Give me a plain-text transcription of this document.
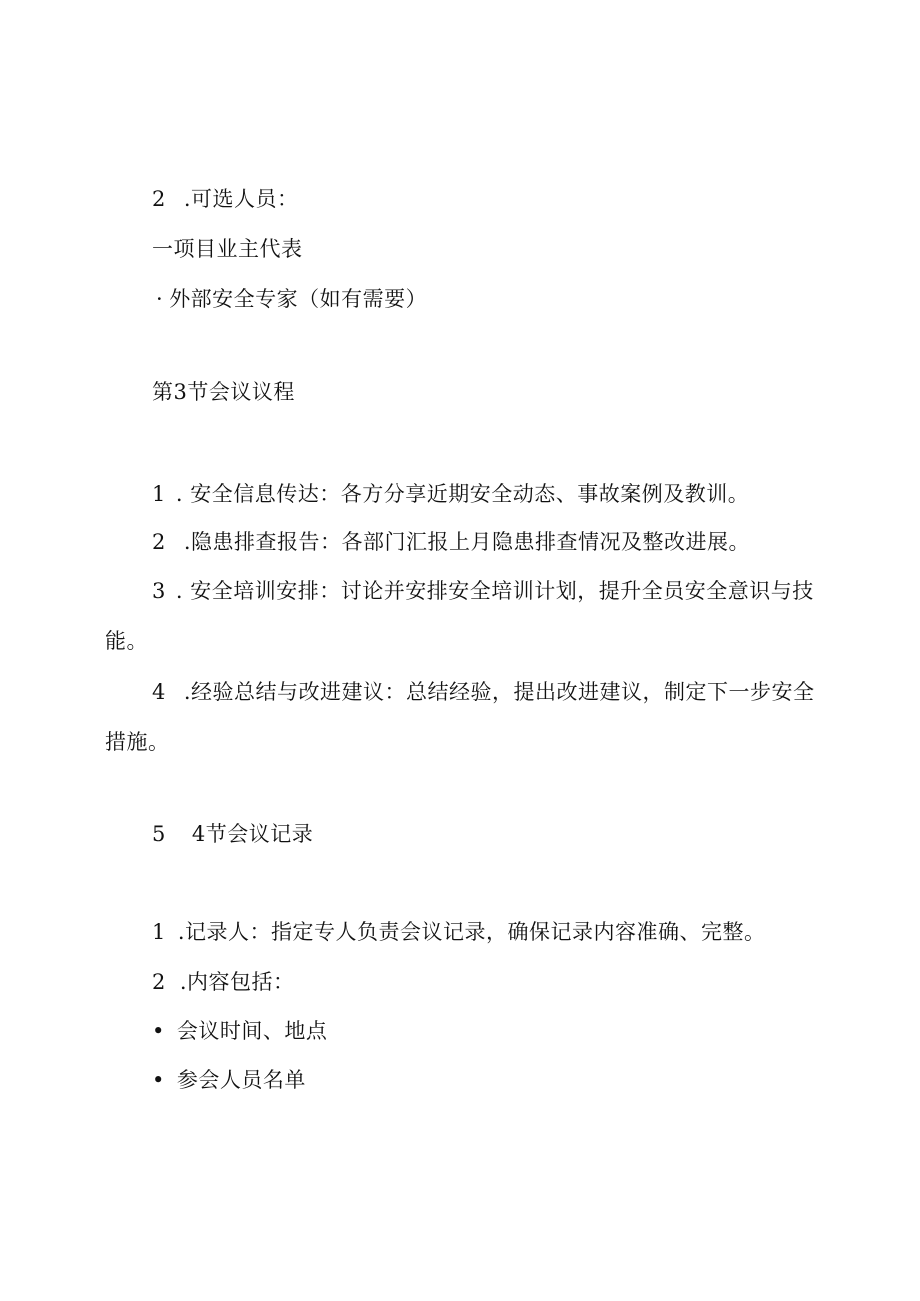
2 .可选人员：
一项目业主代表
· 外部安全专家（如有需要）
第3节会议议程
1 . 安全信息传达：各方分享近期安全动态、事故案例及教训。
2 .隐患排查报告：各部门汇报上月隐患排查情况及整改进展。
3 . 安全培训安排：讨论并安排安全培训计划，提升全员安全意识与技
能。
4 .经验总结与改进建议：总结经验，提出改进建议，制定下一步安全
措施。
5 4节会议记录
1 .记录人：指定专人负责会议记录，确保记录内容准确、完整。
2 .内容包括：
• 会议时间、地点
• 参会人员名单
